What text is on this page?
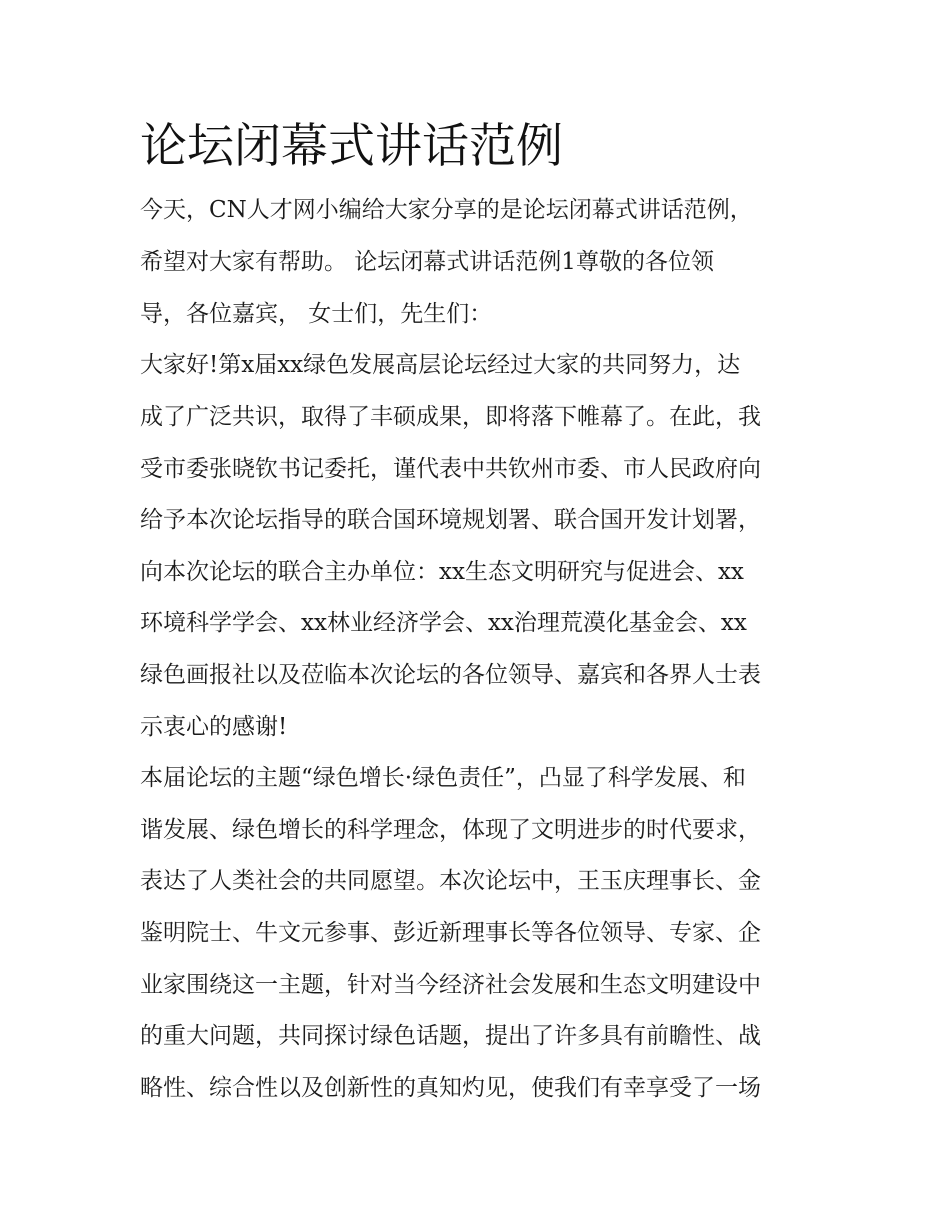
论坛闭幕式讲话范例
今天，CN人才网小编给大家分享的是论坛闭幕式讲话范例，
希望对大家有帮助。 论坛闭幕式讲话范例1尊敬的各位领
导，各位嘉宾， 女士们，先生们：
大家好!第x届xx绿色发展高层论坛经过大家的共同努力，达
成了广泛共识，取得了丰硕成果，即将落下帷幕了。在此，我
受市委张晓钦书记委托，谨代表中共钦州市委、市人民政府向
给予本次论坛指导的联合国环境规划署、联合国开发计划署，
向本次论坛的联合主办单位：xx生态文明研究与促进会、xx
环境科学学会、xx林业经济学会、xx治理荒漠化基金会、xx
绿色画报社以及莅临本次论坛的各位领导、嘉宾和各界人士表
示衷心的感谢!
本届论坛的主题“绿色增长·绿色责任”，凸显了科学发展、和
谐发展、绿色增长的科学理念，体现了文明进步的时代要求，
表达了人类社会的共同愿望。本次论坛中，王玉庆理事长、金
鉴明院士、牛文元参事、彭近新理事长等各位领导、专家、企
业家围绕这一主题，针对当今经济社会发展和生态文明建设中
的重大问题，共同探讨绿色话题，提出了许多具有前瞻性、战
略性、综合性以及创新性的真知灼见，使我们有幸享受了一场
